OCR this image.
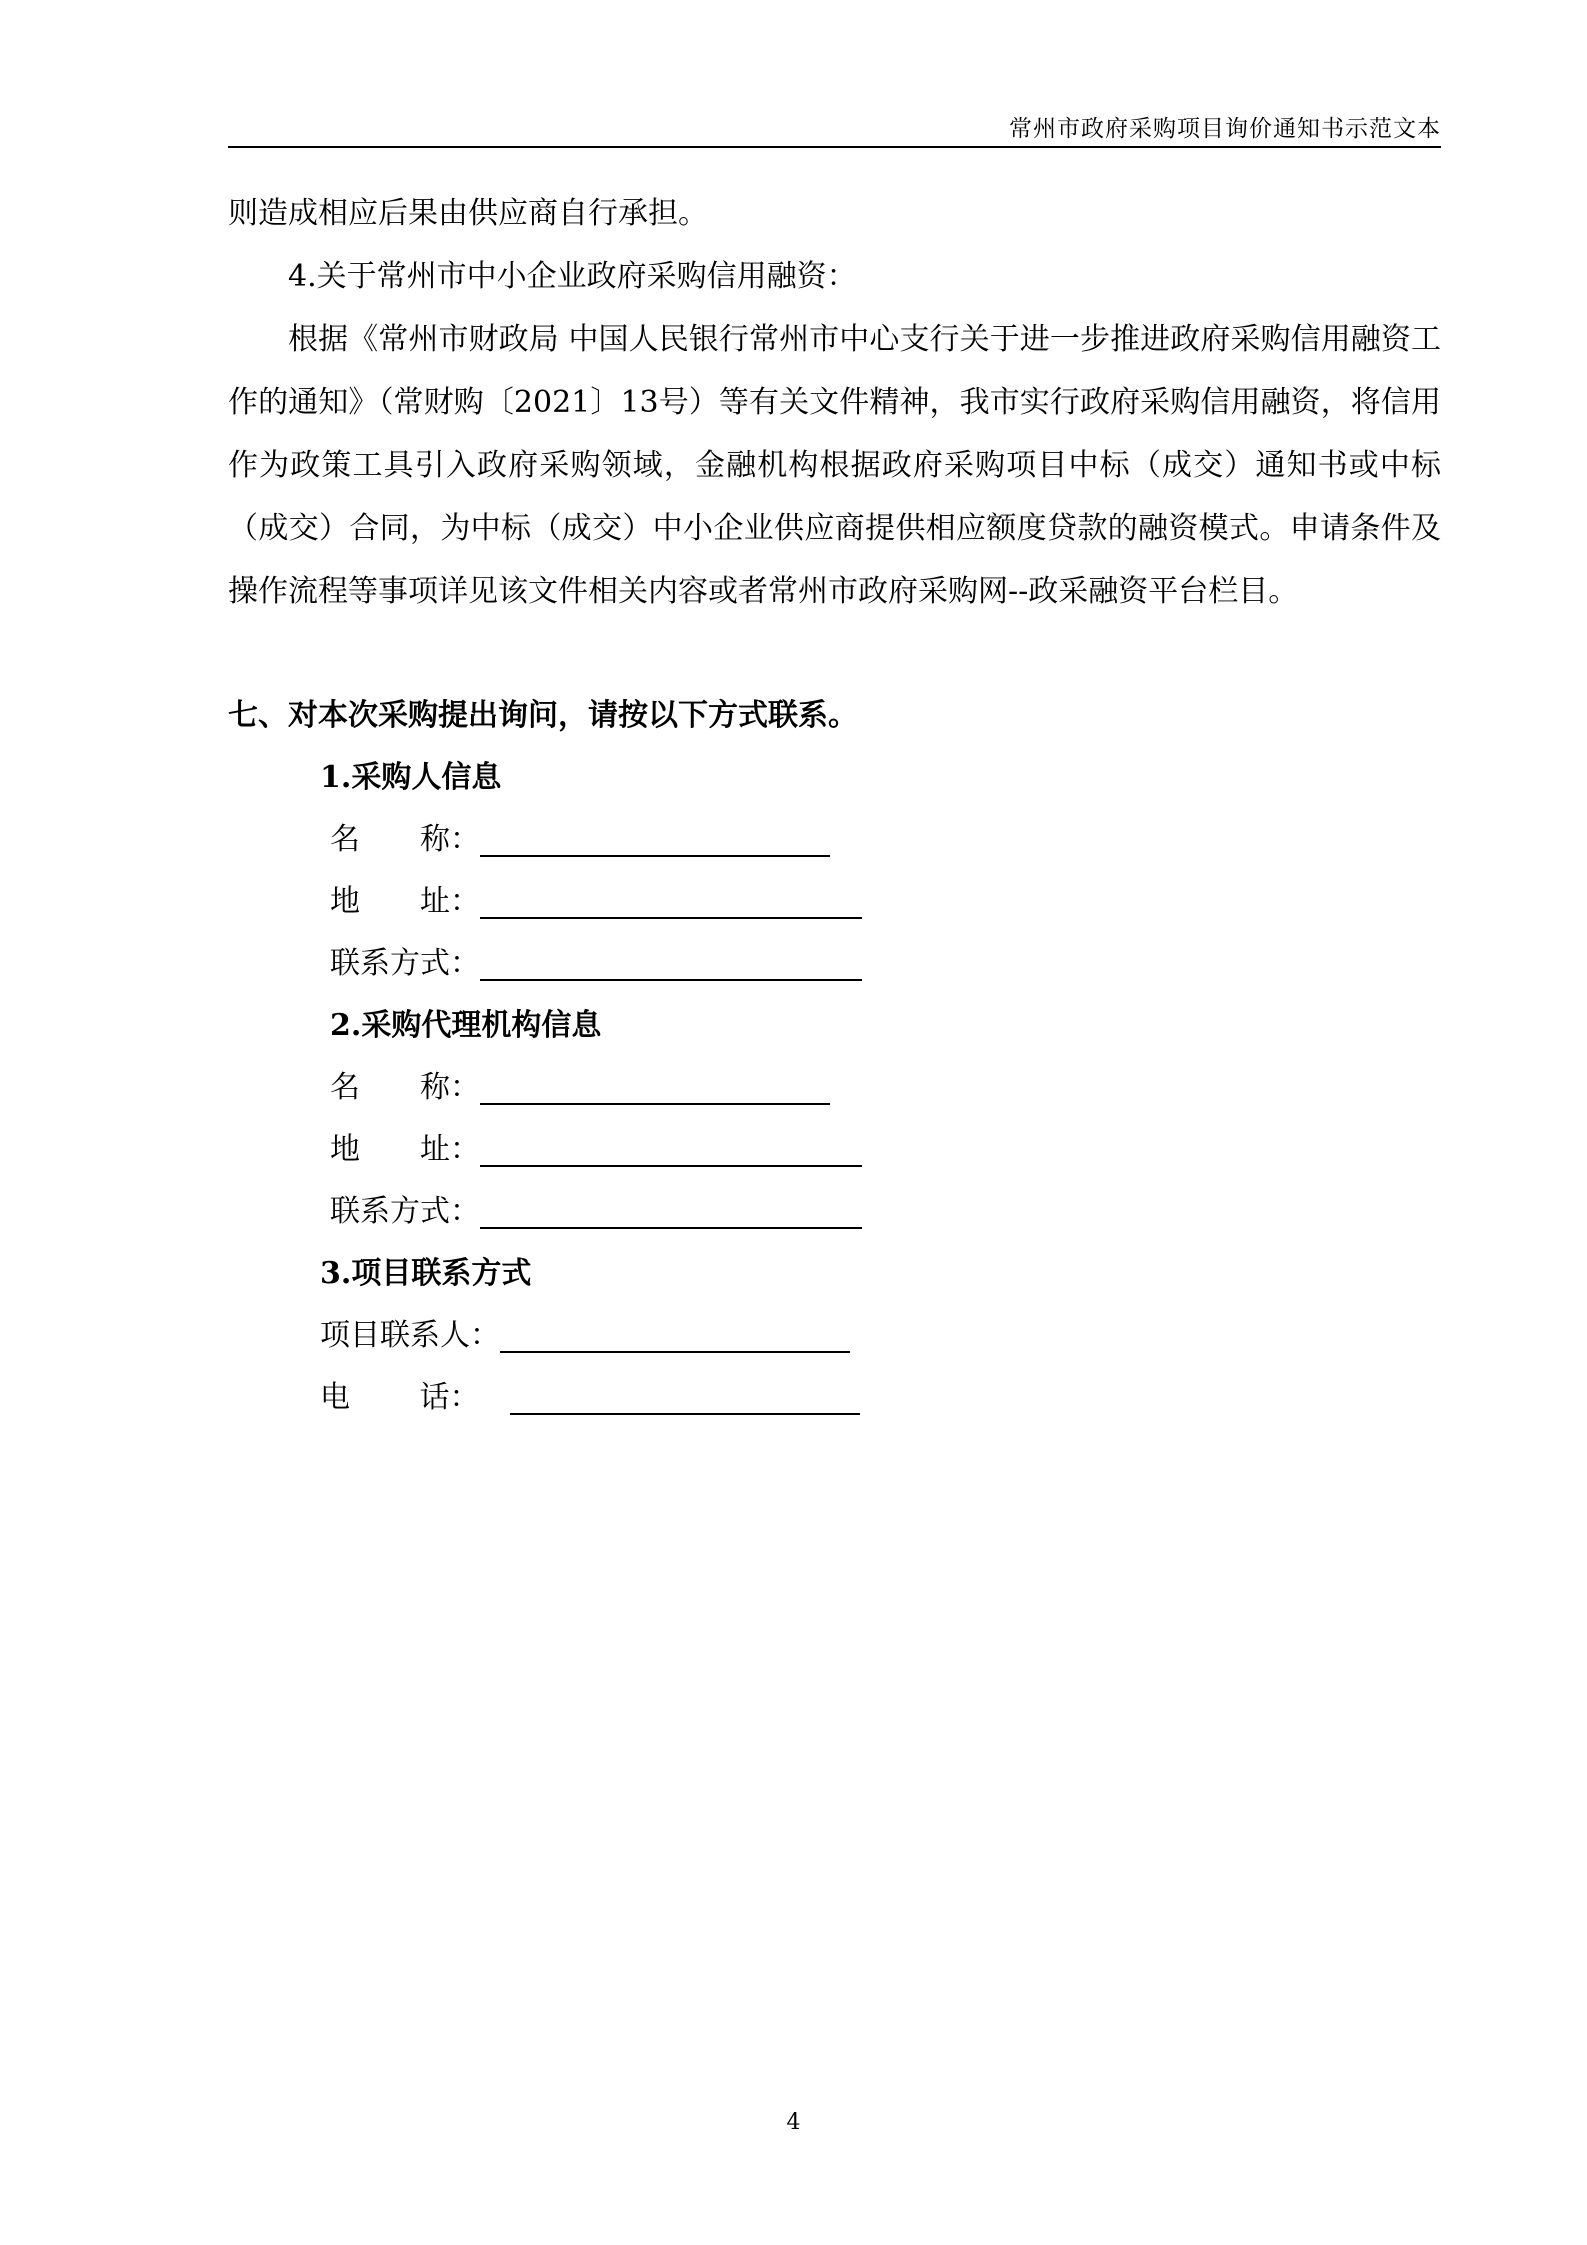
常州市政府采购项目询价通知书示范文本

则造成相应后果由供应商自行承担。

4.关于常州市中小企业政府采购信用融资：

根据《常州市财政局 中国人民银行常州市中心支行关于进一步推进政府采购信用融资工作的通知》（常财购〔2021〕13号）等有关文件精神，我市实行政府采购信用融资，将信用作为政策工具引入政府采购领域，金融机构根据政府采购项目中标（成交）通知书或中标（成交）合同，为中标（成交）中小企业供应商提供相应额度贷款的融资模式。申请条件及操作流程等事项详见该文件相关内容或者常州市政府采购网--政采融资平台栏目。

七、对本次采购提出询问，请按以下方式联系。

1.采购人信息

名　　称：
地　　址：
联系方式：

2.采购代理机构信息

名　　称：
地　　址：
联系方式：

3.项目联系方式

项目联系人：
电　　 话：
4
